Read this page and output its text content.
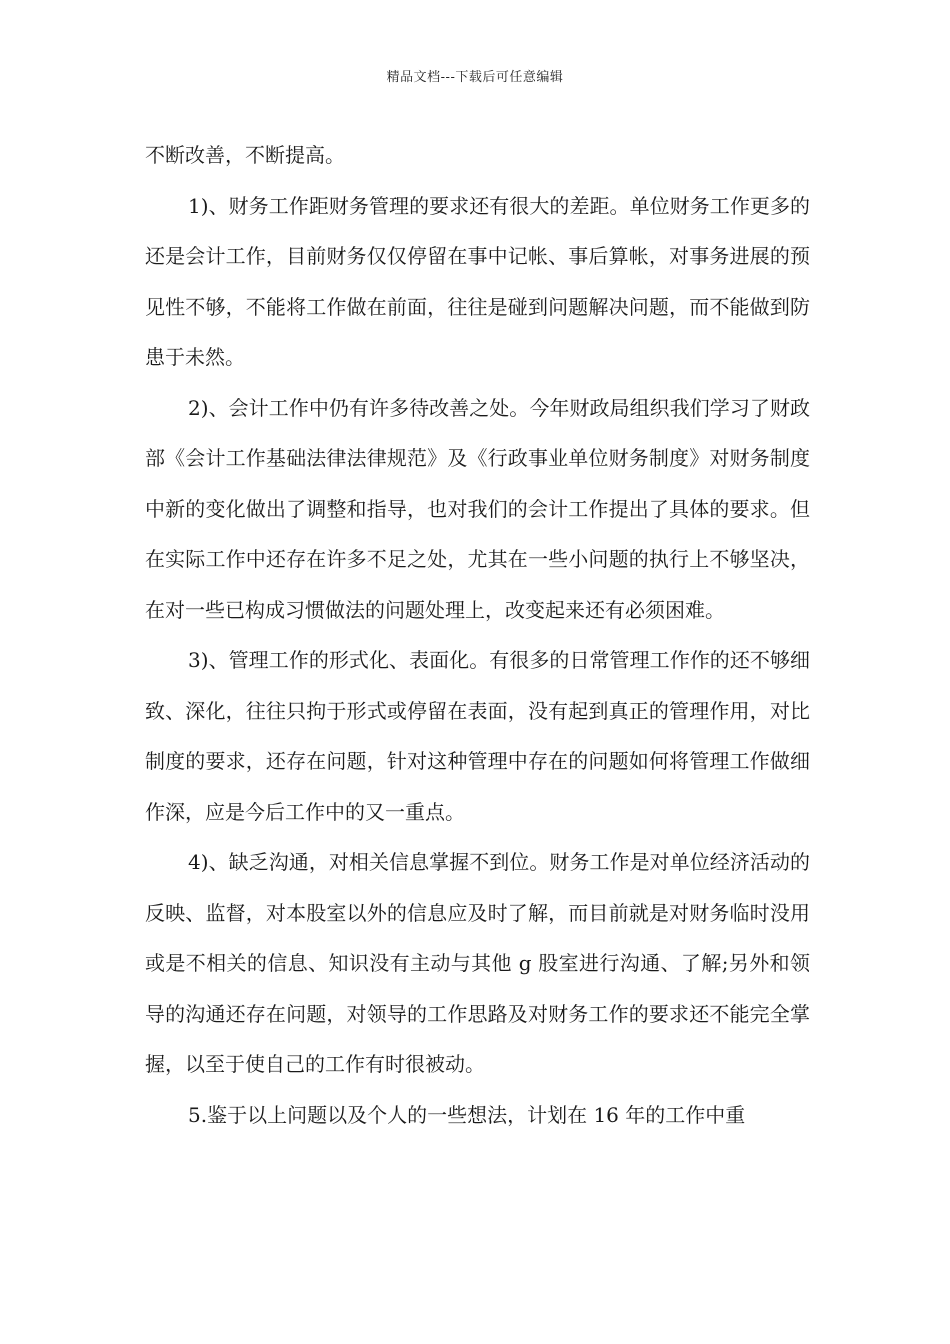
精品文档---下载后可任意编辑

不断改善，不断提高。

1)、财务工作距财务管理的要求还有很大的差距。单位财务工作更多的还是会计工作，目前财务仅仅停留在事中记帐、事后算帐，对事务进展的预见性不够，不能将工作做在前面，往往是碰到问题解决问题，而不能做到防患于未然。

2)、会计工作中仍有许多待改善之处。今年财政局组织我们学习了财政部《会计工作基础法律法律规范》及《行政事业单位财务制度》对财务制度中新的变化做出了调整和指导，也对我们的会计工作提出了具体的要求。但在实际工作中还存在许多不足之处，尤其在一些小问题的执行上不够坚决，在对一些已构成习惯做法的问题处理上，改变起来还有必须困难。

3)、管理工作的形式化、表面化。有很多的日常管理工作作的还不够细致、深化，往往只拘于形式或停留在表面，没有起到真正的管理作用，对比制度的要求，还存在问题，针对这种管理中存在的问题如何将管理工作做细作深，应是今后工作中的又一重点。

4)、缺乏沟通，对相关信息掌握不到位。财务工作是对单位经济活动的反映、监督，对本股室以外的信息应及时了解，而目前就是对财务临时没用或是不相关的信息、知识没有主动与其他 g 股室进行沟通、了解;另外和领导的沟通还存在问题，对领导的工作思路及对财务工作的要求还不能完全掌握，以至于使自己的工作有时很被动。

5.鉴于以上问题以及个人的一些想法，计划在 16 年的工作中重
